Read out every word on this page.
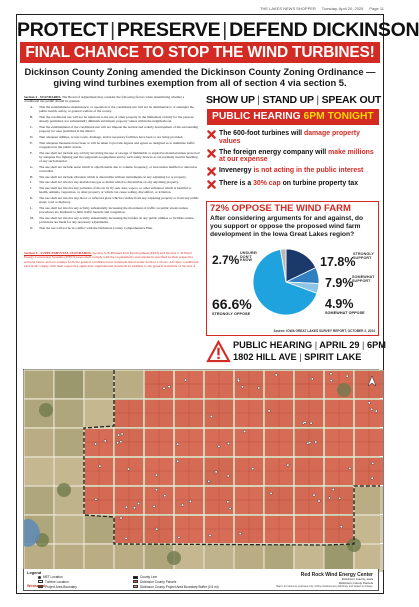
THE LAKES NEWS SHOPPER Tuesday, April 20, 2025 Page 11
PROTECT | PRESERVE | DEFEND DICKINSON
FINAL CHANCE TO STOP THE WIND TURBINES!
Dickinson County Zoning amended the Dickinson County Zoning Ordinance — giving wind turbines exemption from all of section 4 via section 5.

Section 4 - STANDARDS. The Board of Adjustment may consider the following factors when determining whether a conditional use permit should be granted.

A.	That the establishment, maintenance, or operation of the conditional use will not be detrimental to or endanger the public health, safety, or general welfare of the county.
B.	That the conditional use will not be injurious to the use of other property in the immediate vicinity for the purpose already permitted, nor substantially diminish and impair property values within the neighborhood.
C.	That the establishment of the conditional use will not impede the normal and orderly development of the surrounding property for uses permitted in the district.
D.	That adequate utilities, access roads, drainage, and/or necessary facilities have been or are being provided.
E.	That adequate measures have been or will be taken to provide ingress and egress so designed as to minimize traffic congestion in the public streets.
F.	The use shall not include any activity involving the use or storage of flammable or explosive material unless protected by adequate fire fighting and fire suppression equipment and by such safety devices as are normally used in handling of any such material.
G.	The use shall not include noise which is objectionable due to volume, frequency, or beat unless muffled or otherwise controlled.
H.	The use shall not include vibration which is discernible without instruments on any adjoining lot or property.
I.	The use shall not involve any malodorous gas or matter which is discernible on any adjoining property.
J.	The use shall not involve any pollution of the air by fly-ash, dust, vapors, or other substance which is harmful to health, animals, vegetation, or other property or which can cause soiling, discomfort, or irritation.
K.	The use shall not involve any direct or reflected glare which is visible from any adjoining property or from any public street, road or highway.
L.	The use shall not involve any activity substantially increasing the movement of traffic on public streets unless procedures are instituted to limit traffic hazards and congestion.
M.	The use shall not involve any activity substantially increasing the burden on any public utilities or facilities unless provisions are made for any necessary adjustments.
N.	That the use will not be in conflict with the Dickinson County Comprehensive Plan.
Section 5 - SUPPLEMENTAL STANDARDS. Section 5. B Planned Unit Development (PUD) and Section 5. D Wind Energy Conversion Systems (WECS) uses shall comply with the requirements and standards specified in their respective sections below and are exempt from the general conditional use standards listed under Section 4 above. All other conditional uses shall comply with their respective applicable supplemental standards in addition to the general standards of Section 4.
SHOW UP | STAND UP | SPEAK OUT
PUBLIC HEARING 6PM TONIGHT
The 600-foot turbines will damage property values
The foreign energy company will make millions at our expense
Invenergy is not acting in the public interest
There is a 30% cap on turbine property tax
72% OPPOSE THE WIND FARM
After considering arguments for and against, do you support or oppose the proposed wind farm development in the Iowa Great Lakes region?
2.7% UNSURE/ DON'T KNOW	17.8%
STRONGLY SUPPORT
7.9%
SOMEWHAT SUPPORT
4.9%
SOMEWHAT OPPOSE
66.6%
STRONGLY OPPOSE
Source: IOWA GREAT LAKES SURVEY REPORT, OCTOBER 2, 2024
PUBLIC HEARING | APRIL 29 | 6PM
1802 HILL AVE | SPIRIT LAKE
Legend
MET Location	County Line
Turbine Location	Dickinson County Parcels
Project Area Boundary	Dickinson County Project Area Boundary Buffer (0.5 mi)
Westwood
Red Rock Wind Energy Center
Dickinson County, Iowa
Dickinson County Parcels
Map is for reference purposes only; turbine locations are preliminary and subject to change.
